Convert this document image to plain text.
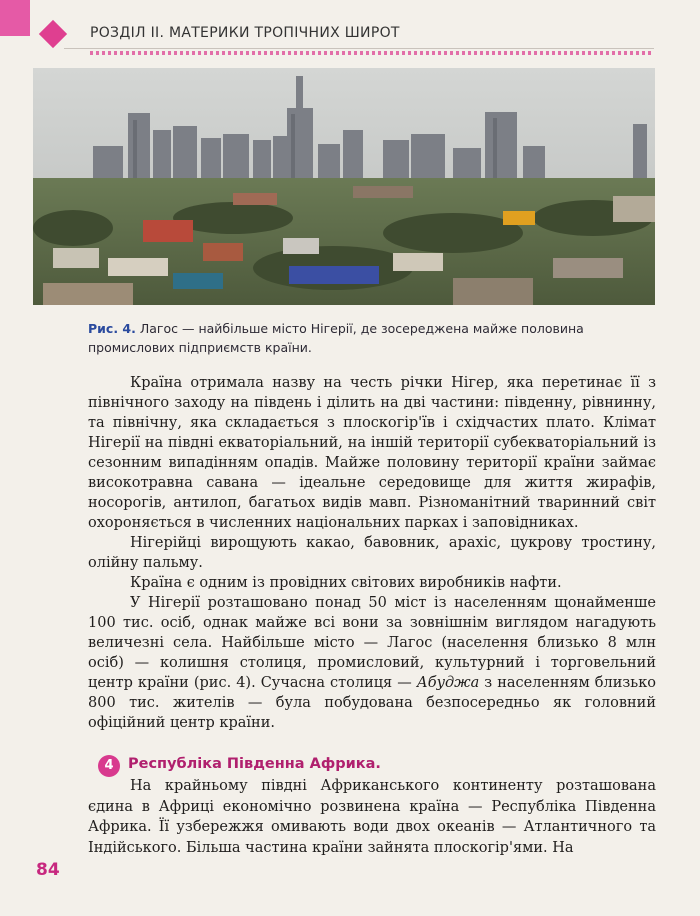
РОЗДІЛ ІІ. МАТЕРИКИ ТРОПІЧНИХ ШИРОТ
Рис. 4. Лагос — найбільше місто Нігерії, де зосереджена майже половина промислових підприємств країни.

Країна отримала назву на честь річки Нігер, яка перетинає її з північного заходу на південь і ділить на дві частини: південну, рівнинну, та північну, яка складається з плоскогір'їв і східчастих плато. Клімат Нігерії на півдні екваторіальний, на іншій території субекваторіальний із сезонним випадінням опадів. Майже половину території країни займає високотравна савана — ідеальне середовище для життя жирафів, носорогів, антилоп, багатьох видів мавп. Різноманітний тваринний світ охороняється в численних національних парках і заповідниках.

Нігерійці вирощують какао, бавовник, арахіс, цукрову тростину, олійну пальму.

Країна є одним із провідних світових виробників нафти.

У Нігерії розташовано понад 50 міст із населенням щонайменше 100 тис. осіб, однак майже всі вони за зовнішнім виглядом нагадують величезні села. Найбільше місто — Лагос (населення близько 8 млн осіб) — колишня столиця, промисловий, культурний і торговельний центр країни (рис. 4). Сучасна столиця — Абуджа з населенням близько 800 тис. жителів — була побудована безпосередньо як головний офіційний центр країни.

4 Республіка Південна Африка.

На крайньому півдні Африканського континенту розташована єдина в Африці економічно розвинена країна — Республіка Південна Африка. Її узбережжя омивають води двох океанів — Атлантичного та Індійського. Більша частина країни зайнята плоскогір'ями. На

84
